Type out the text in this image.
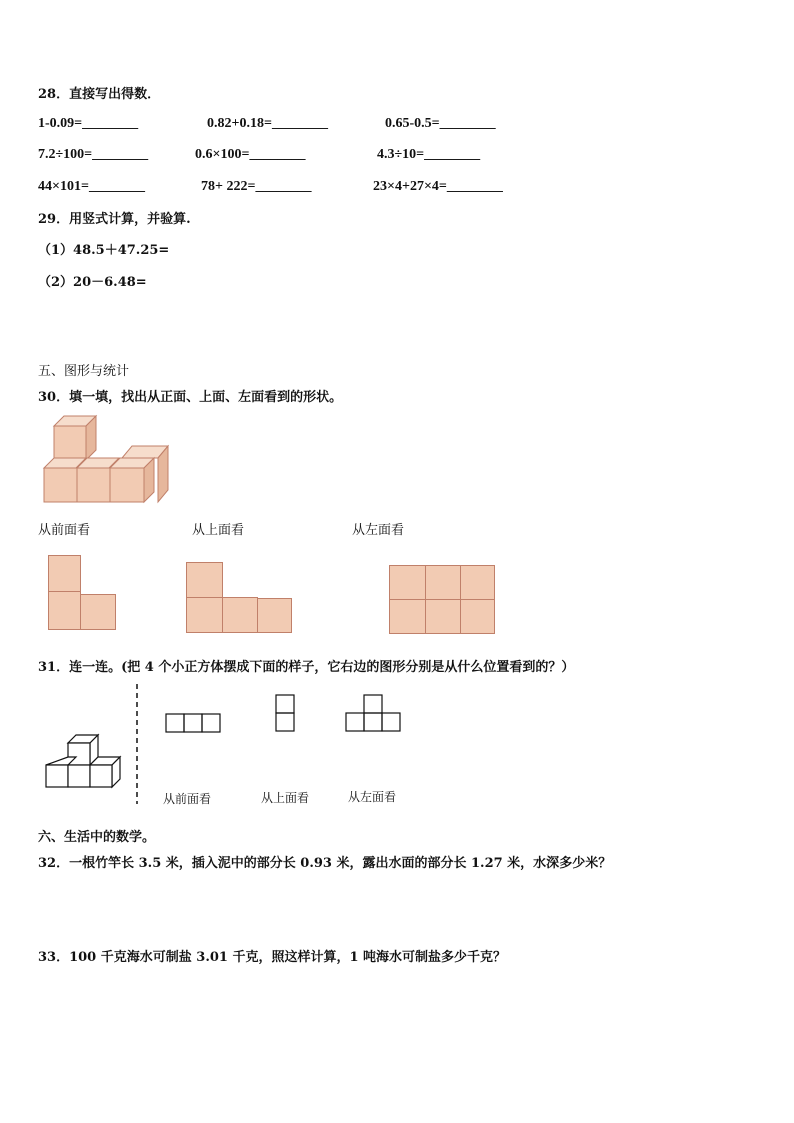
28．直接写出得数．
1-0.09=________	0.82+0.18=________	0.65-0.5=________
7.2÷100=________	0.6×100=________	4.3÷10=________
44×101=________	78+ 222=________	23×4+27×4=________
29．用竖式计算，并验算.
（1）48.5＋47.25=
（2）20－6.48=
五、图形与统计
30．填一填，找出从正面、上面、左面看到的形状。
从前面看	从上面看	从左面看
31．连一连。(把 4 个小正方体摆成下面的样子，它右边的图形分别是从什么位置看到的？）
从前面看	从上面看	从左面看
六、生活中的数学。
32．一根竹竿长 3.5 米，插入泥中的部分长 0.93 米，露出水面的部分长 1.27 米，水深多少米？
33．100 千克海水可制盐 3.01 千克，照这样计算，1 吨海水可制盐多少千克？
